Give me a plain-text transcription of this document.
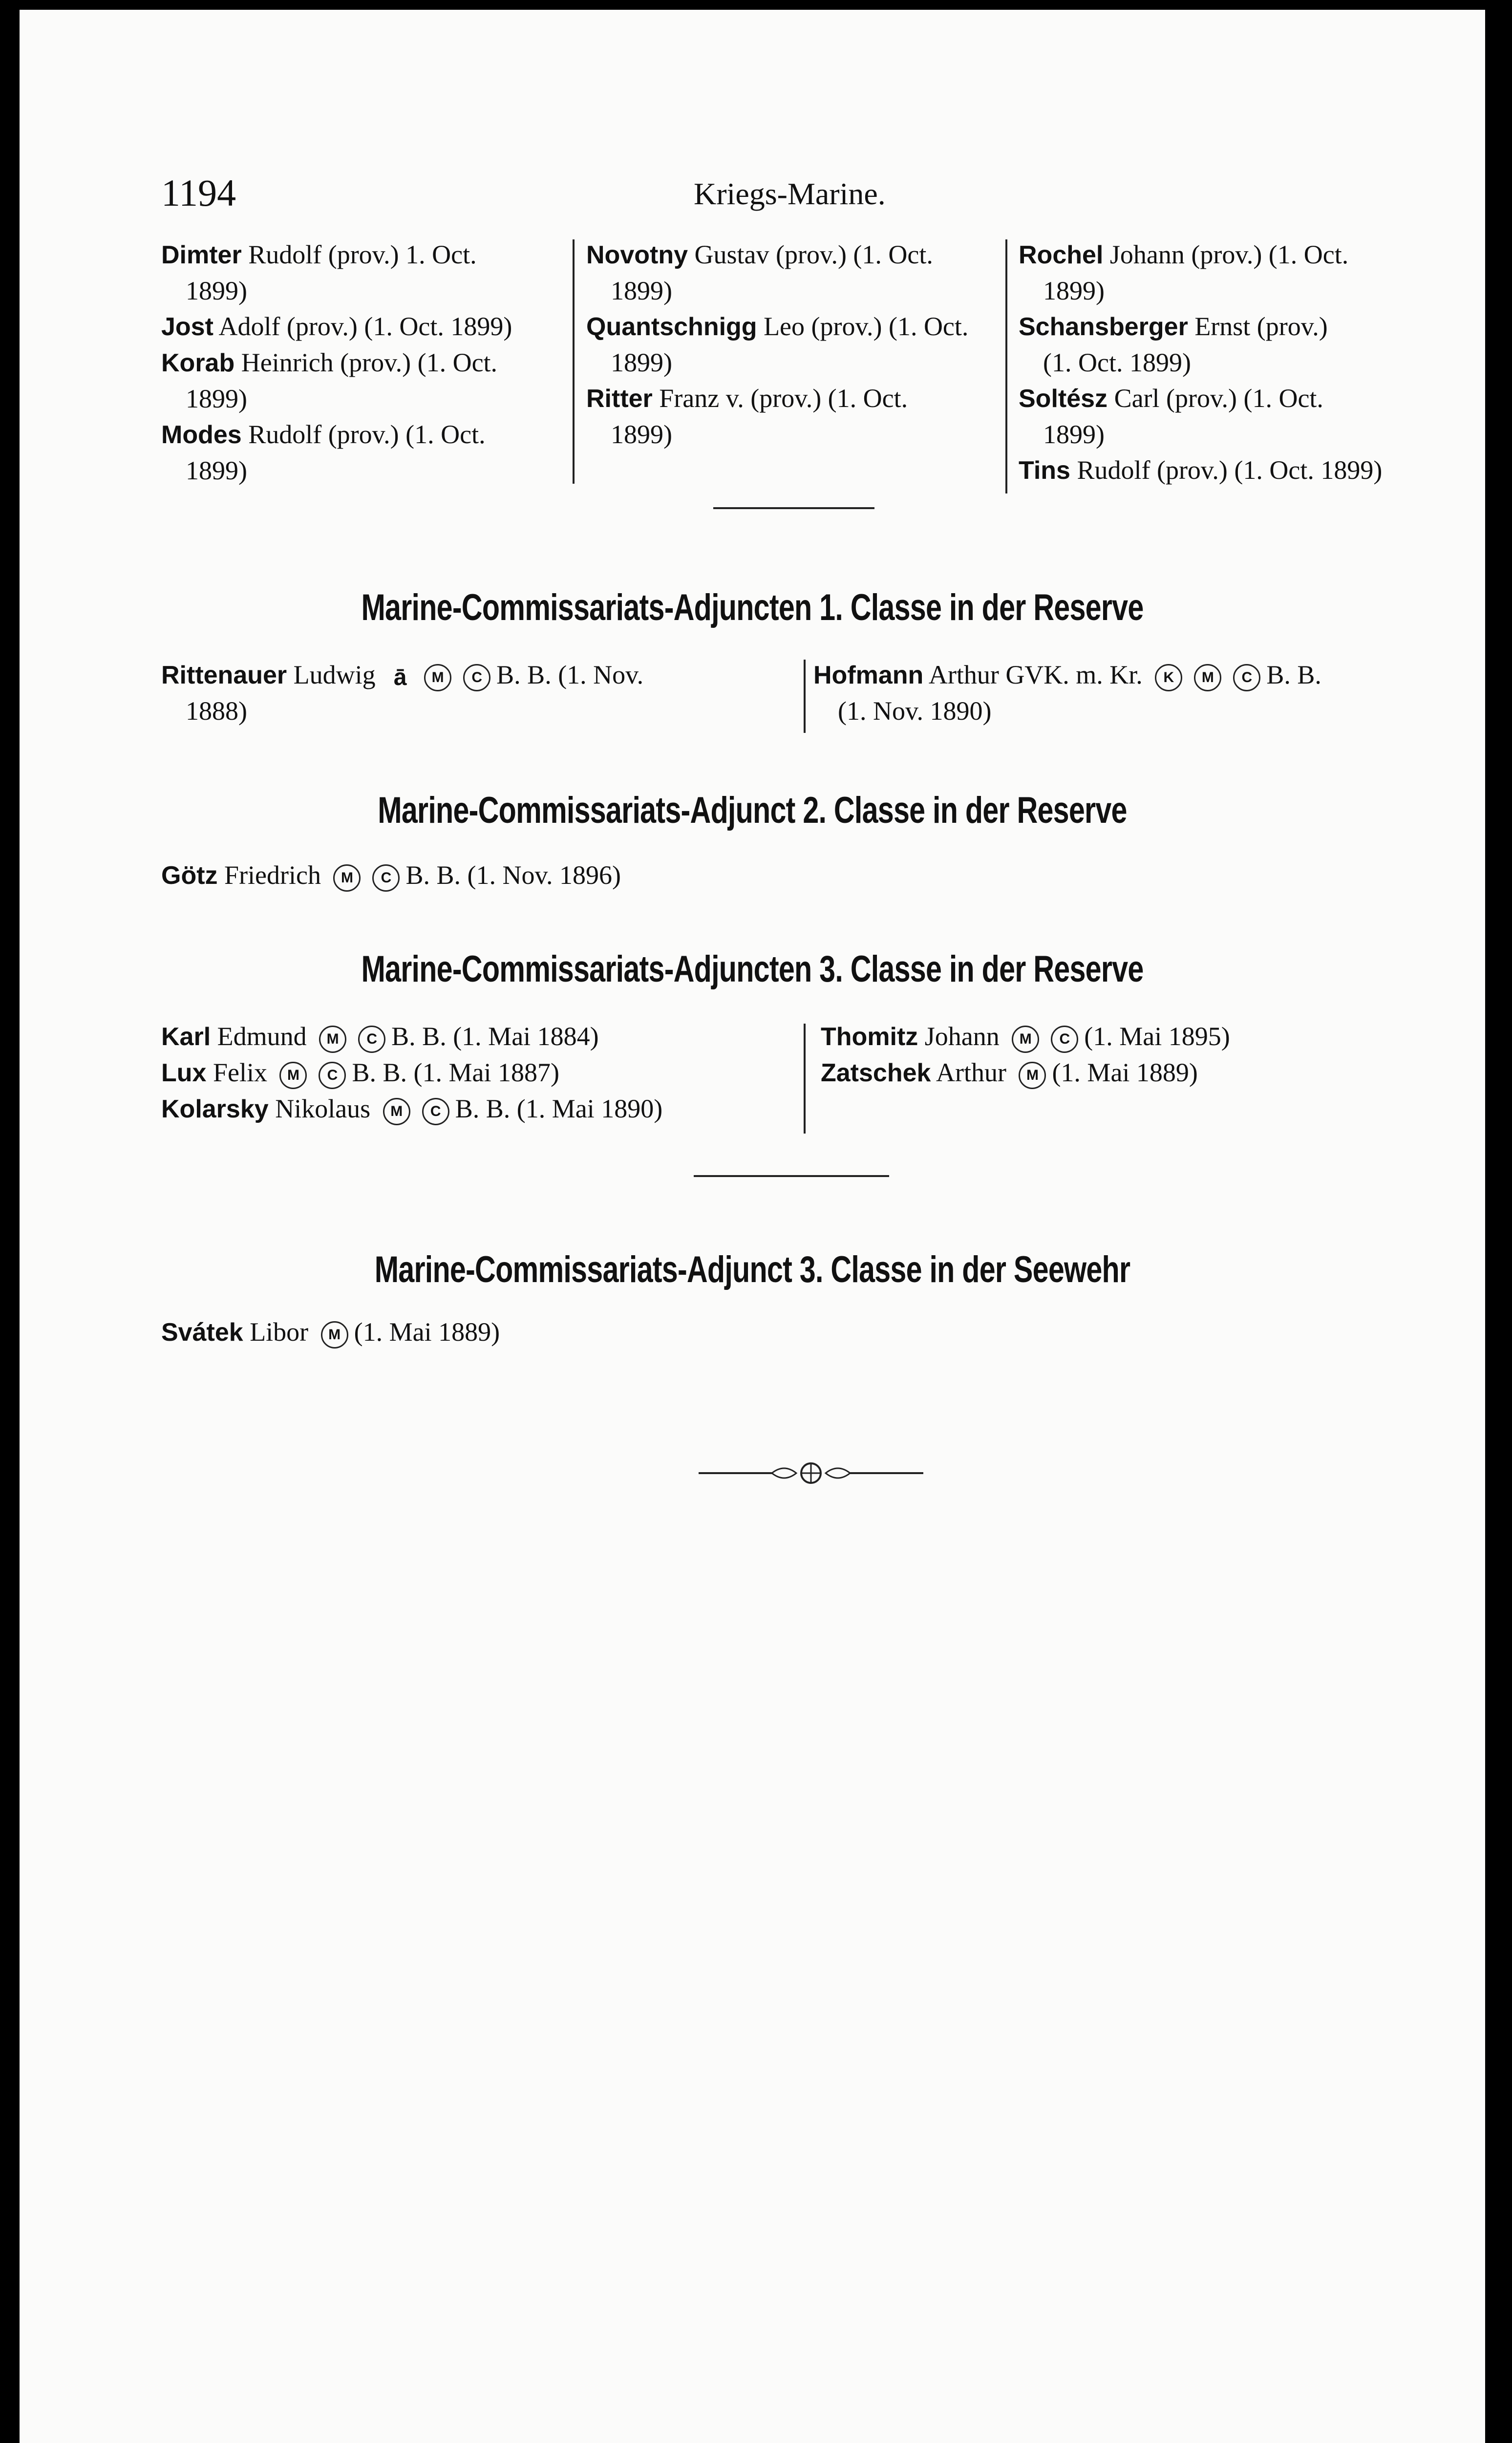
1194	Kriegs-Marine.
Dimter Rudolf (prov.) 1. Oct.
1899)
Jost Adolf (prov.) (1. Oct. 1899)
Korab Heinrich (prov.) (1. Oct.
1899)
Modes Rudolf (prov.) (1. Oct.
1899)
Novotny Gustav (prov.) (1. Oct.
1899)
Quantschnigg Leo (prov.) (1. Oct.
1899)
Ritter Franz v. (prov.) (1. Oct.
1899)
Rochel Johann (prov.) (1. Oct.
1899)
Schansberger Ernst (prov.)
(1. Oct. 1899)
Soltész Carl (prov.) (1. Oct.
1899)
Tins Rudolf (prov.) (1. Oct. 1899)
Marine-Commissariats-Adjuncten 1. Classe in der Reserve
Rittenauer Ludwig ā M C B. B. (1. Nov.
1888)
Hofmann Arthur GVK. m. Kr. K M C B. B.
(1. Nov. 1890)
Marine-Commissariats-Adjunct 2. Classe in der Reserve
Götz Friedrich M C B. B. (1. Nov. 1896)
Marine-Commissariats-Adjuncten 3. Classe in der Reserve
Karl Edmund M C B. B. (1. Mai 1884)
Lux Felix M C B. B. (1. Mai 1887)
Kolarsky Nikolaus M C B. B. (1. Mai 1890)
Thomitz Johann M C (1. Mai 1895)
Zatschek Arthur M (1. Mai 1889)
Marine-Commissariats-Adjunct 3. Classe in der Seewehr
Svátek Libor M (1. Mai 1889)
